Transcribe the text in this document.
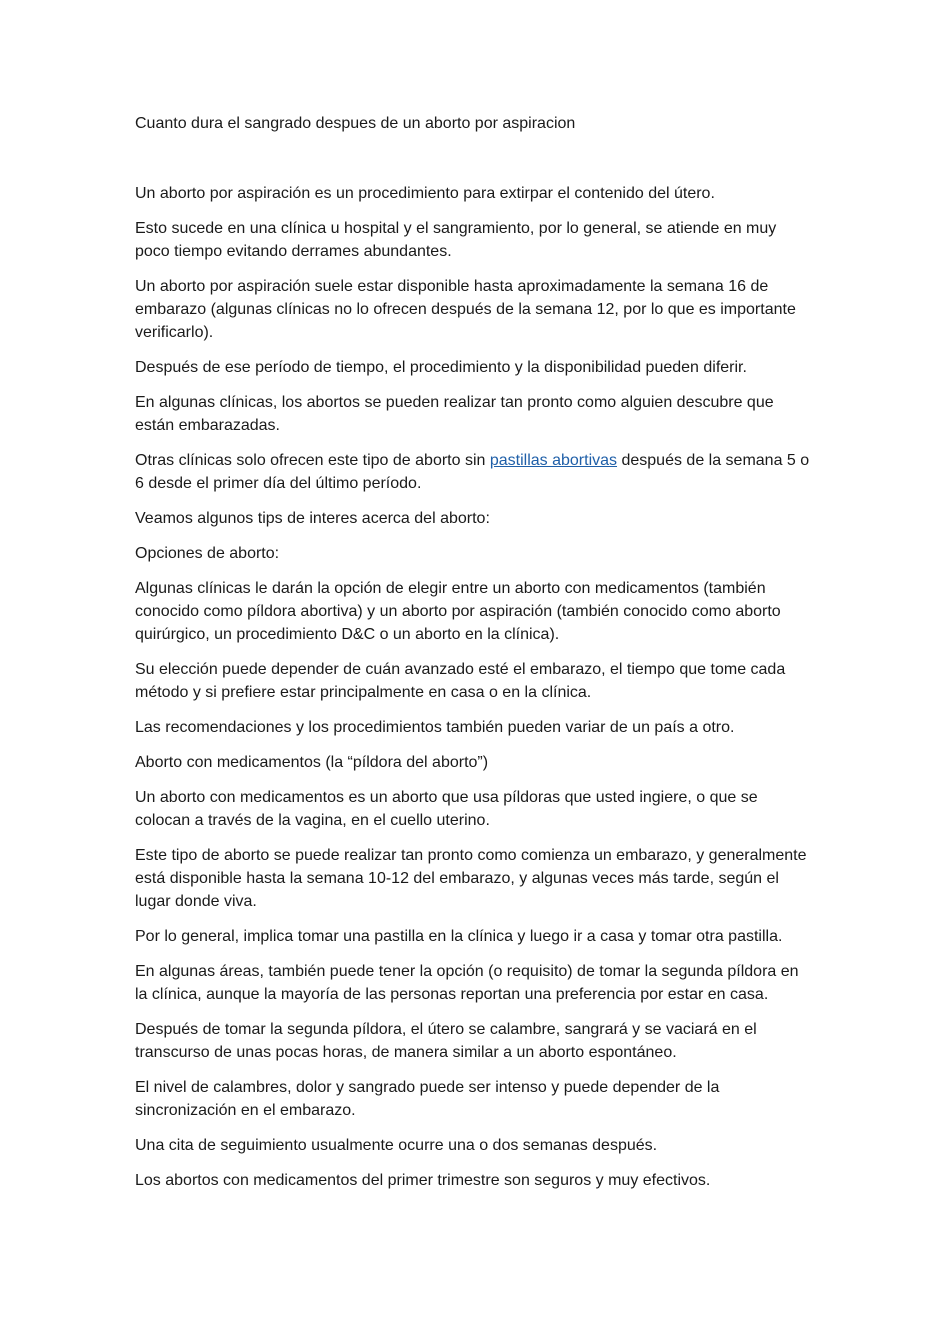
Cuanto dura el sangrado despues de un aborto por aspiracion

Un aborto por aspiración es un procedimiento para extirpar el contenido del útero.

Esto sucede en una clínica u hospital y el sangramiento, por lo general, se atiende en muy poco tiempo evitando derrames abundantes.

Un aborto por aspiración suele estar disponible hasta aproximadamente la semana 16 de embarazo (algunas clínicas no lo ofrecen después de la semana 12, por lo que es importante verificarlo).

Después de ese período de tiempo, el procedimiento y la disponibilidad pueden diferir.

En algunas clínicas, los abortos se pueden realizar tan pronto como alguien descubre que están embarazadas.

Otras clínicas solo ofrecen este tipo de aborto sin pastillas abortivas después de la semana 5 o 6 desde el primer día del último período.

Veamos algunos tips de interes acerca del aborto:

Opciones de aborto:

Algunas clínicas le darán la opción de elegir entre un aborto con medicamentos (también conocido como píldora abortiva) y un aborto por aspiración (también conocido como aborto quirúrgico, un procedimiento D&C o un aborto en la clínica).

Su elección puede depender de cuán avanzado esté el embarazo, el tiempo que tome cada método y si prefiere estar principalmente en casa o en la clínica.

Las recomendaciones y los procedimientos también pueden variar de un país a otro.

Aborto con medicamentos (la “píldora del aborto”)

Un aborto con medicamentos es un aborto que usa píldoras que usted ingiere, o que se colocan a través de la vagina, en el cuello uterino.

Este tipo de aborto se puede realizar tan pronto como comienza un embarazo, y generalmente está disponible hasta la semana 10-12 del embarazo, y algunas veces más tarde, según el lugar donde viva.

Por lo general, implica tomar una pastilla en la clínica y luego ir a casa y tomar otra pastilla.

En algunas áreas, también puede tener la opción (o requisito) de tomar la segunda píldora en la clínica, aunque la mayoría de las personas reportan una preferencia por estar en casa.

Después de tomar la segunda píldora, el útero se calambre, sangrará y se vaciará en el transcurso de unas pocas horas, de manera similar a un aborto espontáneo.

El nivel de calambres, dolor y sangrado puede ser intenso y puede depender de la sincronización en el embarazo.

Una cita de seguimiento usualmente ocurre una o dos semanas después.

Los abortos con medicamentos del primer trimestre son seguros y muy efectivos.
